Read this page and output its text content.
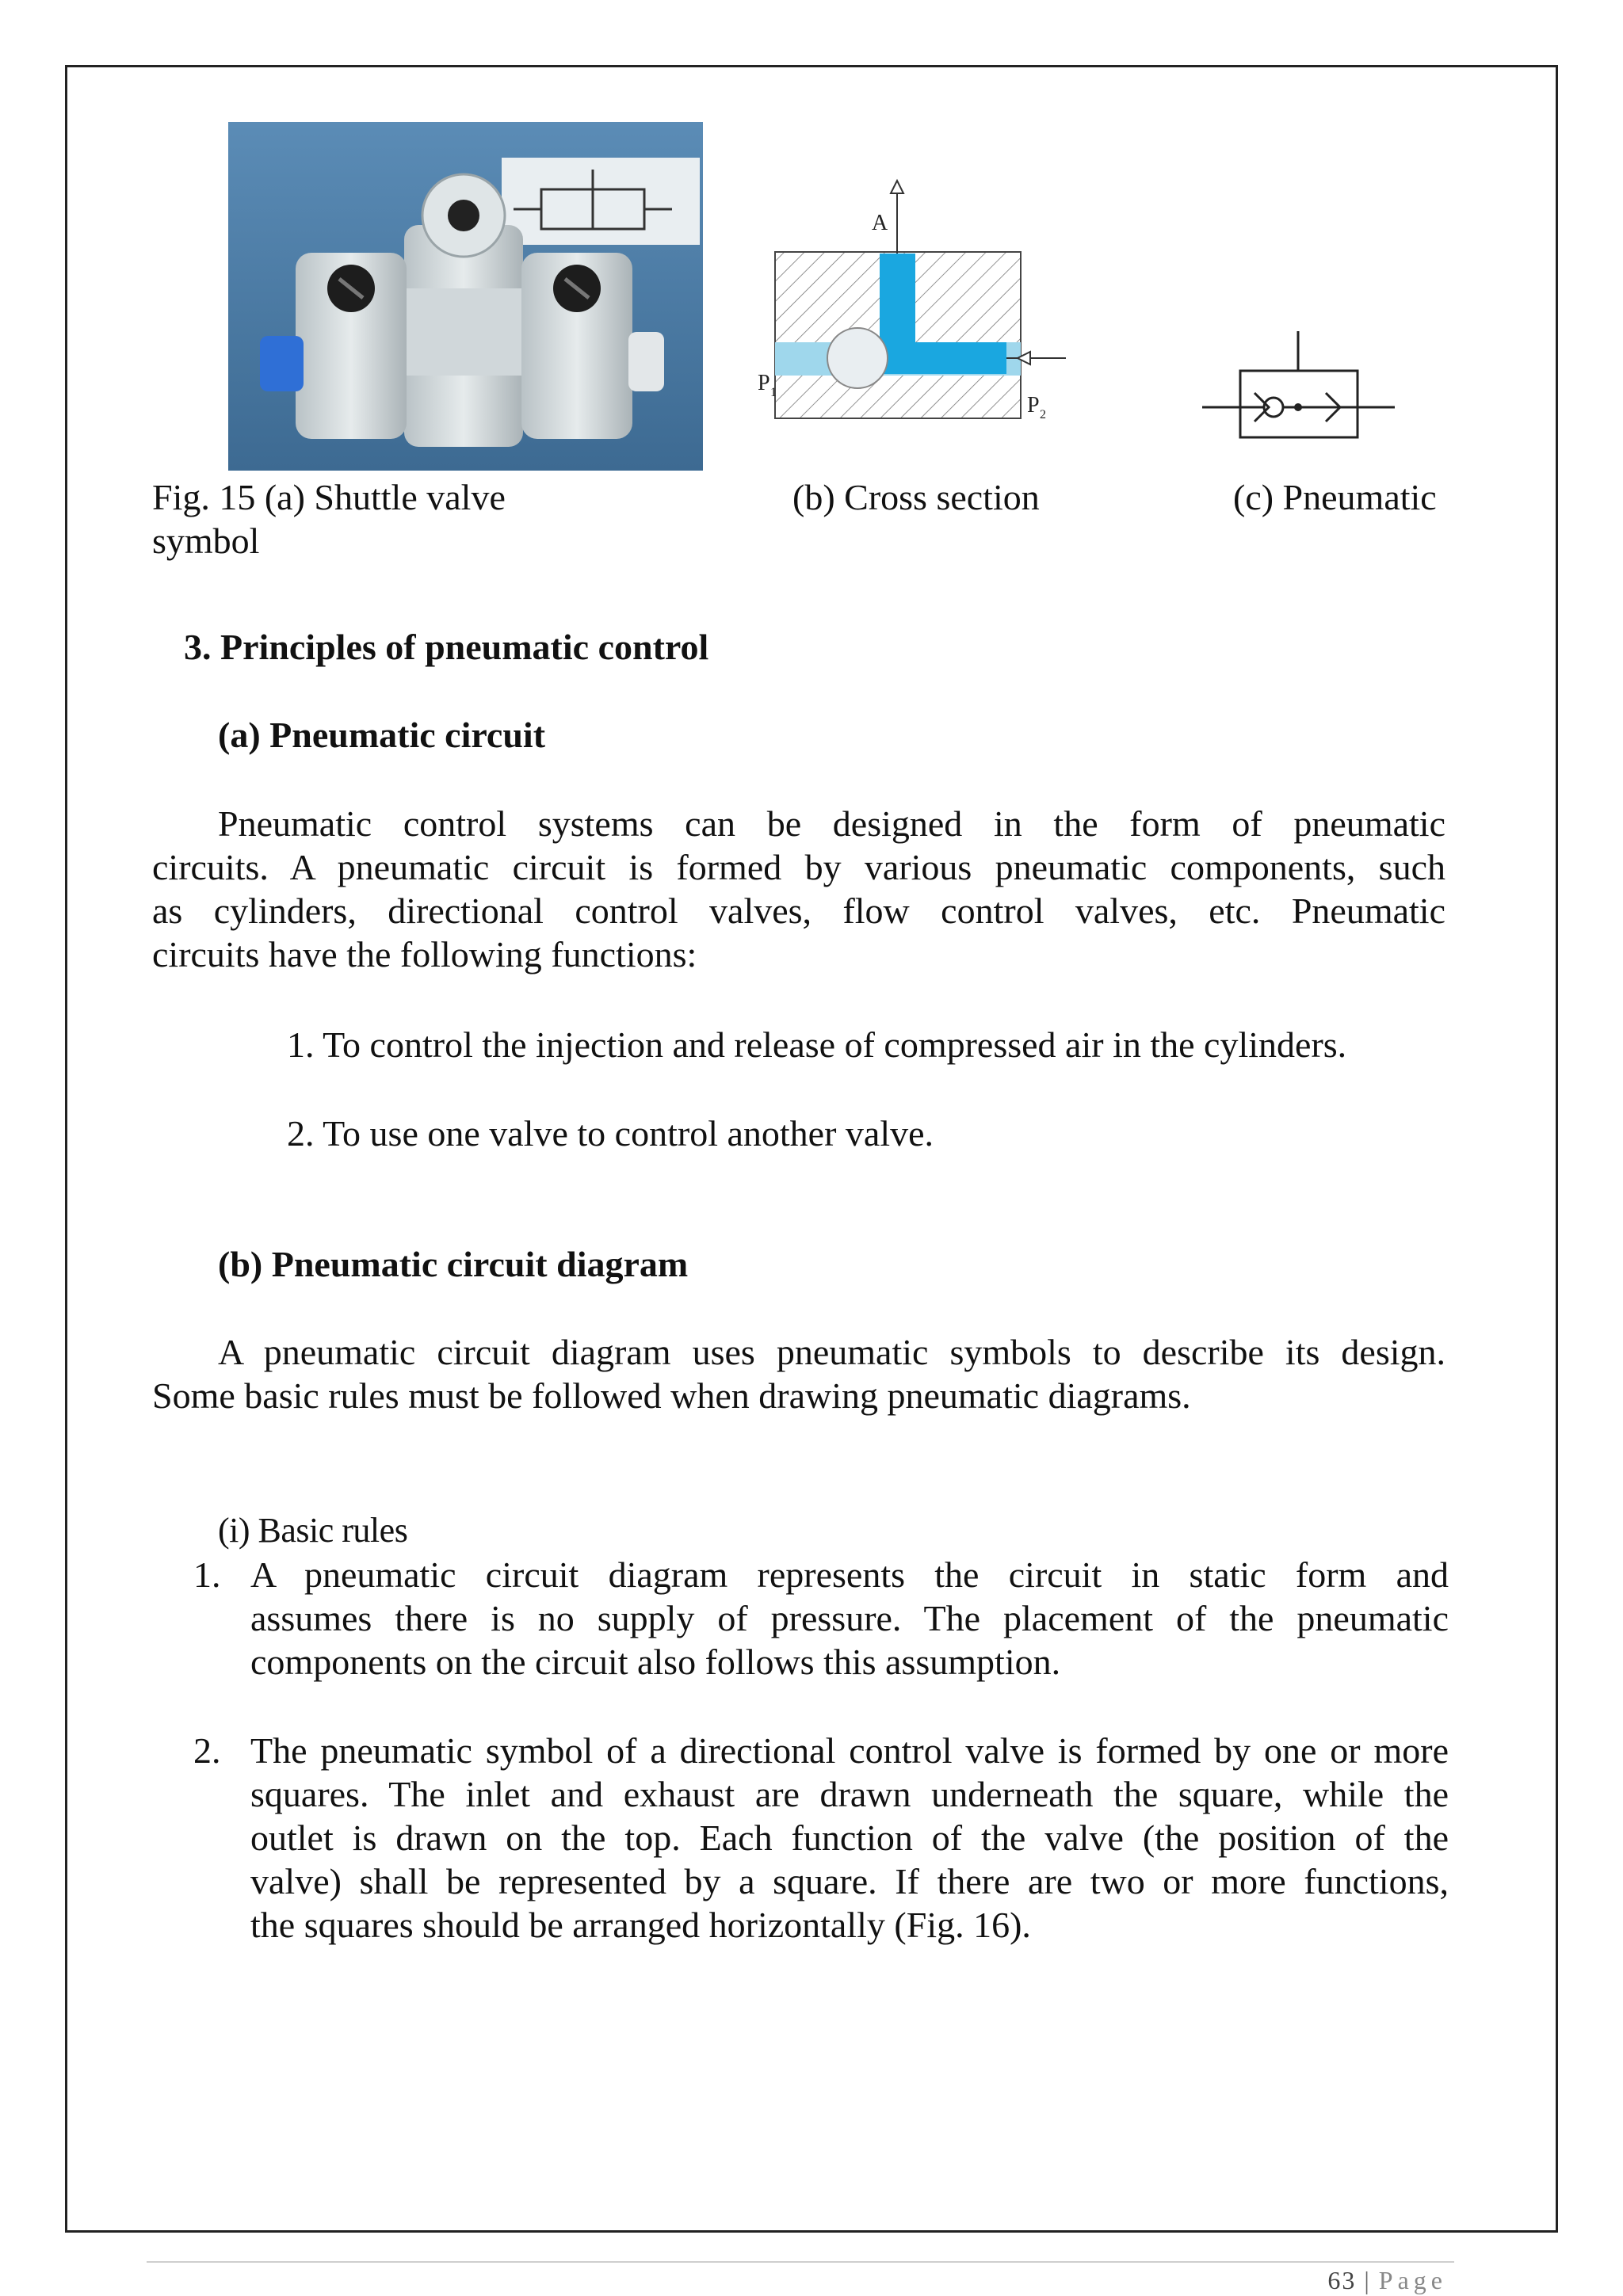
A
P 1
P 2
Fig. 15 (a) Shuttle valve	(b) Cross section	(c) Pneumatic
symbol
3. Principles of pneumatic control
(a) Pneumatic circuit
Pneumatic control systems can be designed in the form of pneumatic
circuits. A pneumatic circuit is formed by various pneumatic components, such
as cylinders, directional control valves, flow control valves, etc. Pneumatic
circuits have the following functions:
1. To control the injection and release of compressed air in the cylinders.
2. To use one valve to control another valve.
(b) Pneumatic circuit diagram
A pneumatic circuit diagram uses pneumatic symbols to describe its design.
Some basic rules must be followed when drawing pneumatic diagrams.
(i) Basic rules
1. A pneumatic circuit diagram represents the circuit in static form and
assumes there is no supply of pressure. The placement of the pneumatic
components on the circuit also follows this assumption.
2. The pneumatic symbol of a directional control valve is formed by one or more
squares. The inlet and exhaust are drawn underneath the square, while the
outlet is drawn on the top. Each function of the valve (the position of the
valve) shall be represented by a square. If there are two or more functions,
the squares should be arranged horizontally (Fig. 16).
63 | Page
